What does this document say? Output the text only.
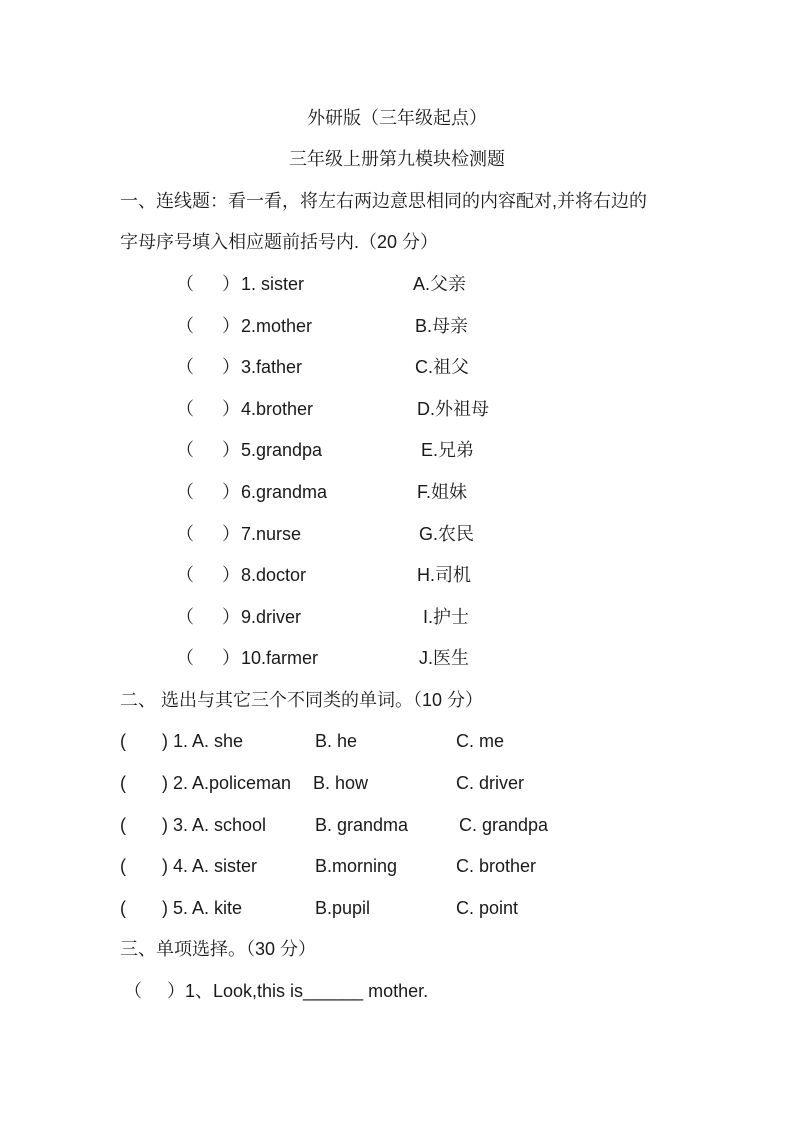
外研版（三年级起点）
三年级上册第九模块检测题
一、连线题：看一看，将左右两边意思相同的内容配对,并将右边的
字母序号填入相应题前括号内.（20 分）
（ ） 1. sister	A.父亲
（ ） 2.mother	B.母亲
（ ） 3.father	C.祖父
（ ） 4.brother	D.外祖母
（ ） 5.grandpa	E.兄弟
（ ） 6.grandma	F.姐妹
（ ） 7.nurse	G.农民
（ ） 8.doctor	H.司机
（ ） 9.driver	I.护士
（ ） 10.farmer	J.医生
二、 选出与其它三个不同类的单词。（10 分）
( ) 1. A. she	B. he	C. me
( ) 2. A.policeman B. how	C. driver
( ) 3. A. school	B. grandma	C. grandpa
( ) 4. A. sister	B.morning	C. brother
( ) 5. A. kite	B.pupil	C. point
三、单项选择。（30 分）
（ ） 1、Look,this is______ mother.
